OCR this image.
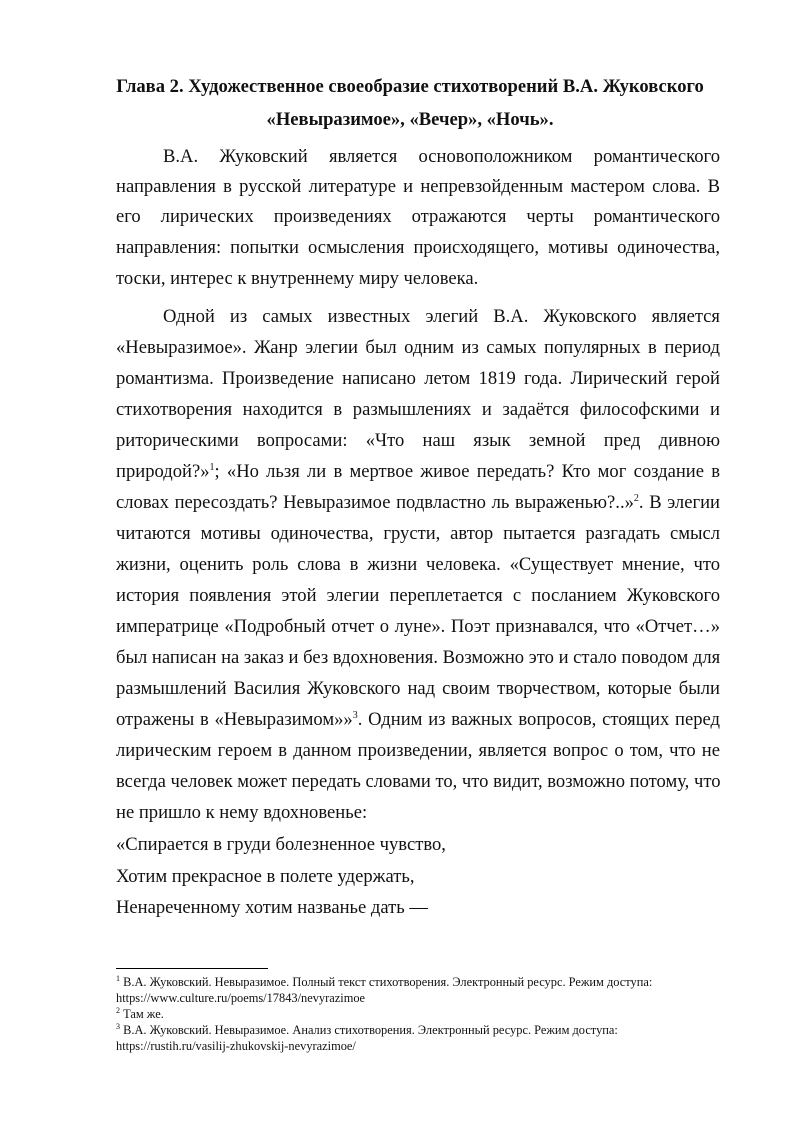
Глава 2. Художественное своеобразие стихотворений В.А. Жуковского
«Невыразимое», «Вечер», «Ночь».
В.А. Жуковский является основоположником романтического
направления в русской литературе и непревзойденным мастером слова. В
его лирических произведениях отражаются черты романтического
направления: попытки осмысления происходящего, мотивы одиночества,
тоски, интерес к внутреннему миру человека.
Одной из самых известных элегий В.А. Жуковского является
«Невыразимое». Жанр элегии был одним из самых популярных в период
романтизма. Произведение написано летом 1819 года. Лирический герой
стихотворения находится в размышлениях и задаётся философскими и
риторическими вопросами: «Что наш язык земной пред дивною
природой?»$^1$; «Но льзя ли в мертвое живое передать? Кто мог создание в
словах пересоздать? Невыразимое подвластно ль выраженью?..»$^2$. В элегии
читаются мотивы одиночества, грусти, автор пытается разгадать смысл
жизни, оценить роль слова в жизни человека. «Существует мнение, что
история появления этой элегии переплетается с посланием Жуковского
императрице «Подробный отчет о луне». Поэт признавался, что «Отчет…»
был написан на заказ и без вдохновения. Возможно это и стало поводом для
размышлений Василия Жуковского над своим творчеством, которые были
отражены в «Невыразимом»»$^3$. Одним из важных вопросов, стоящих перед
лирическим героем в данном произведении, является вопрос о том, что не
всегда человек может передать словами то, что видит, возможно потому, что
не пришло к нему вдохновенье:
«Спирается в груди болезненное чувство,
Хотим прекрасное в полете удержать,
Ненареченному хотим названье дать —
$^1$ В.А. Жуковский. Невыразимое. Полный текст стихотворения. Электронный ресурс. Режим доступа:
https://www.culture.ru/poems/17843/nevyrazimoe
$^2$ Там же.
$^3$ В.А. Жуковский. Невыразимое. Анализ стихотворения. Электронный ресурс. Режим доступа:
https://rustih.ru/vasilij-zhukovskij-nevyrazimoe/
